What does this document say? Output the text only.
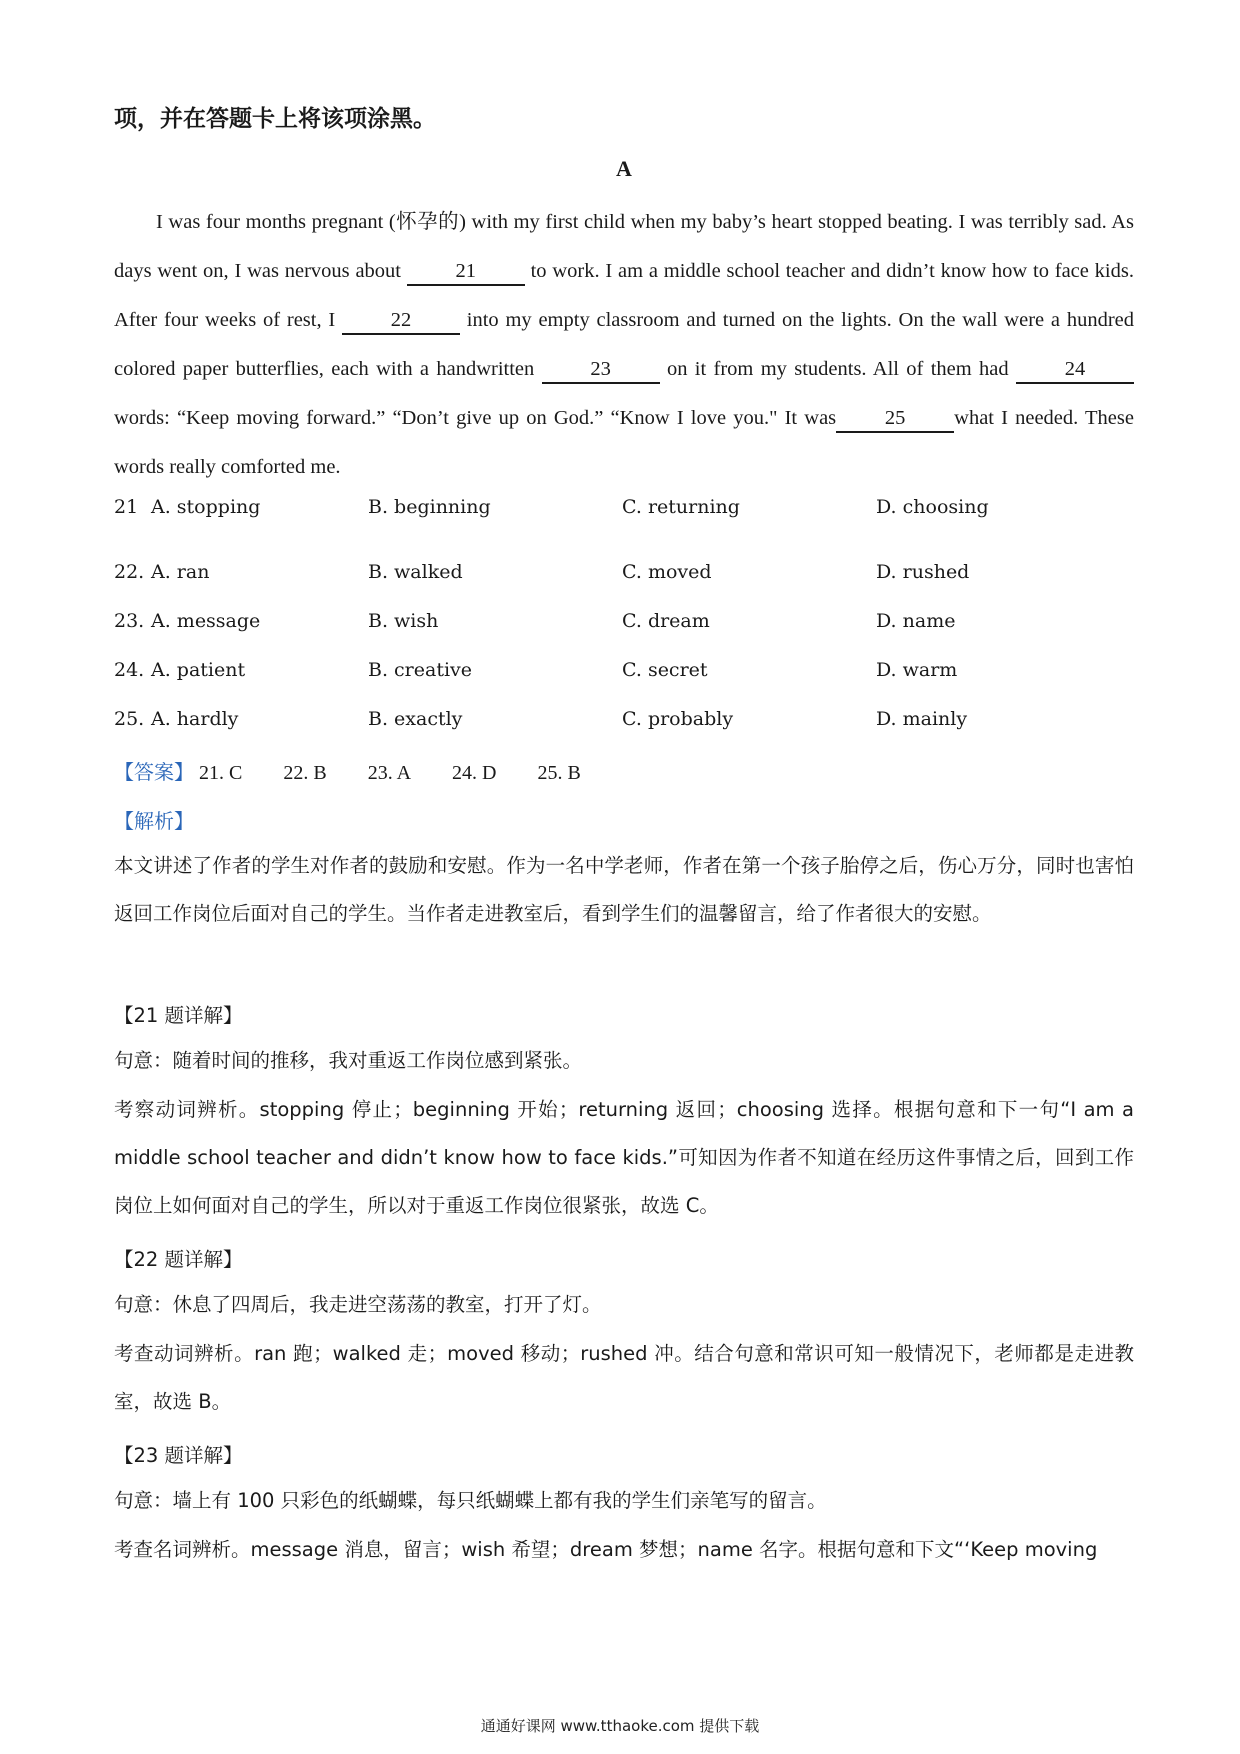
项，并在答题卡上将该项涂黑。
A
I was four months pregnant (怀孕的) with my first child when my baby’s heart stopped beating. I was terribly sad. As days went on, I was nervous about 21 to work. I am a middle school teacher and didn’t know how to face kids. After four weeks of rest, I 22 into my empty classroom and turned on the lights. On the wall were a hundred colored paper butterflies, each with a handwritten 23 on it from my students. All of them had 24 words: “Keep moving forward.” “Don’t give up on God.” “Know I love you." It was 25 what I needed. These words really comforted me.
21 A. stopping	B. beginning	C. returning	D. choosing
22. A. ran	B. walked	C. moved	D. rushed
23. A. message	B. wish	C. dream	D. name
24. A. patient	B. creative	C. secret	D. warm
25. A. hardly	B. exactly	C. probably	D. mainly
【答案】 21. C 22. B 23. A 24. D 25. B
【解析】
本文讲述了作者的学生对作者的鼓励和安慰。作为一名中学老师，作者在第一个孩子胎停之后，伤心万分，同时也害怕返回工作岗位后面对自己的学生。当作者走进教室后，看到学生们的温馨留言，给了作者很大的安慰。
【21 题详解】
句意：随着时间的推移，我对重返工作岗位感到紧张。
考察动词辨析。stopping 停止；beginning 开始；returning 返回；choosing 选择。根据句意和下一句“I am a middle school teacher and didn’t know how to face kids.”可知因为作者不知道在经历这件事情之后，回到工作岗位上如何面对自己的学生，所以对于重返工作岗位很紧张，故选 C。
【22 题详解】
句意：休息了四周后，我走进空荡荡的教室，打开了灯。
考查动词辨析。ran 跑；walked 走；moved 移动；rushed 冲。结合句意和常识可知一般情况下，老师都是走进教室，故选 B。
【23 题详解】
句意：墙上有 100 只彩色的纸蝴蝶，每只纸蝴蝶上都有我的学生们亲笔写的留言。
考查名词辨析。message 消息，留言；wish 希望；dream 梦想；name 名字。根据句意和下文“‘Keep moving
通通好课网 www.tthaoke.com 提供下载
